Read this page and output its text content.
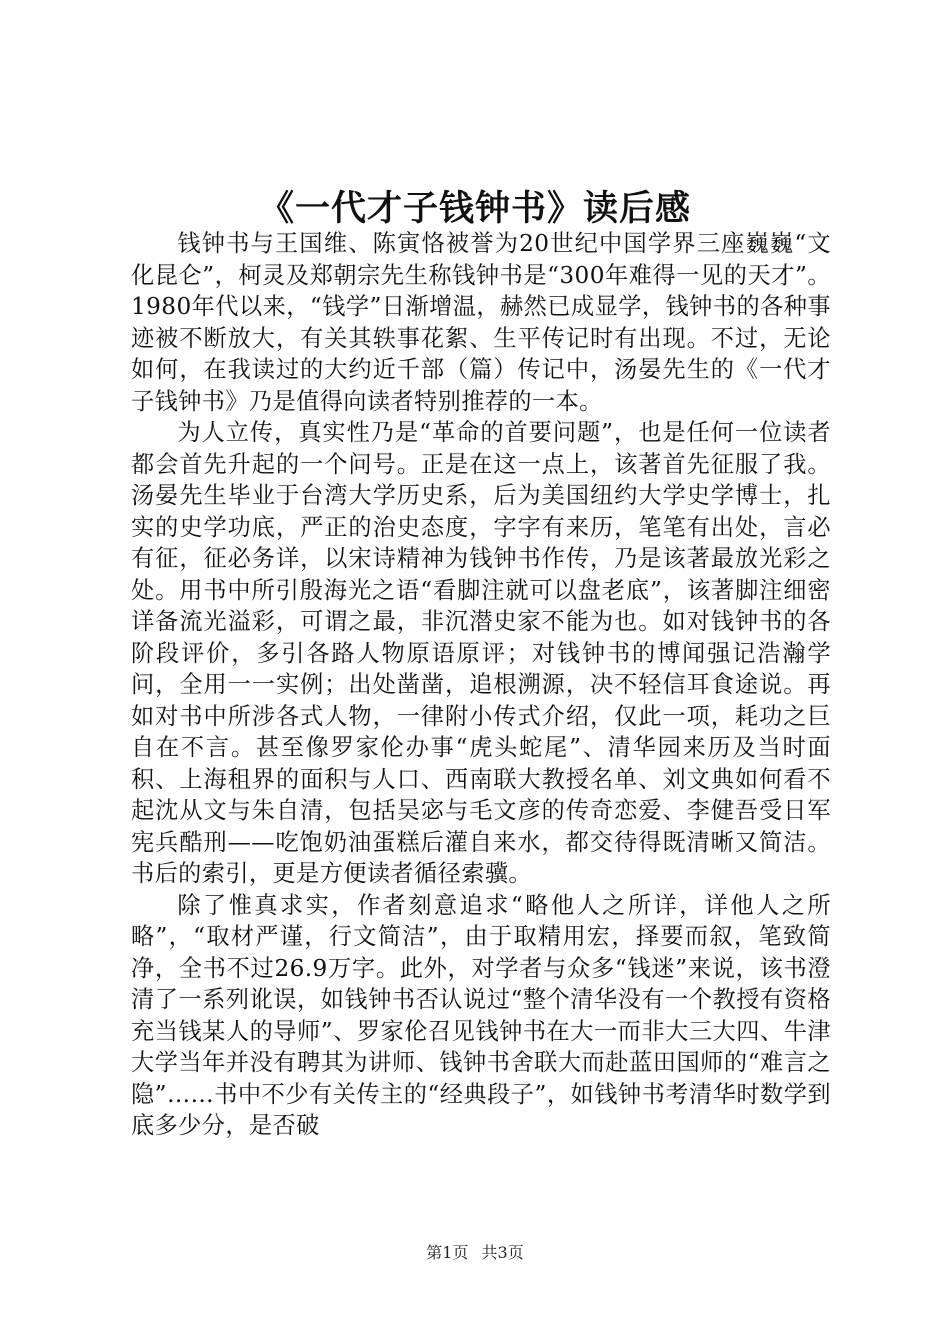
《一代才子钱钟书》读后感

钱钟书与王国维、陈寅恪被誉为20世纪中国学界三座巍巍“文化昆仑”，柯灵及郑朝宗先生称钱钟书是“300年难得一见的天才”。1980年代以来，“钱学”日渐增温，赫然已成显学，钱钟书的各种事迹被不断放大，有关其轶事花絮、生平传记时有出现。不过，无论如何，在我读过的大约近千部（篇）传记中，汤晏先生的《一代才子钱钟书》乃是值得向读者特别推荐的一本。

为人立传，真实性乃是“革命的首要问题”，也是任何一位读者都会首先升起的一个问号。正是在这一点上，该著首先征服了我。汤晏先生毕业于台湾大学历史系，后为美国纽约大学史学博士，扎实的史学功底，严正的治史态度，字字有来历，笔笔有出处，言必有征，征必务详，以宋诗精神为钱钟书作传，乃是该著最放光彩之处。用书中所引殷海光之语“看脚注就可以盘老底”，该著脚注细密详备流光溢彩，可谓之最，非沉潜史家不能为也。如对钱钟书的各阶段评价，多引各路人物原语原评；对钱钟书的博闻强记浩瀚学问，全用一一实例；出处凿凿，追根溯源，决不轻信耳食途说。再如对书中所涉各式人物，一律附小传式介绍，仅此一项，耗功之巨自在不言。甚至像罗家伦办事“虎头蛇尾”、清华园来历及当时面积、上海租界的面积与人口、西南联大教授名单、刘文典如何看不起沈从文与朱自清，包括吴宓与毛文彦的传奇恋爱、李健吾受日军宪兵酷刑——吃饱奶油蛋糕后灌自来水，都交待得既清晰又简洁。书后的索引，更是方便读者循径索骥。

除了惟真求实，作者刻意追求“略他人之所详，详他人之所略”，“取材严谨，行文简洁”，由于取精用宏，择要而叙，笔致简净，全书不过26.9万字。此外，对学者与众多“钱迷”来说，该书澄清了一系列讹误，如钱钟书否认说过“整个清华没有一个教授有资格充当钱某人的导师”、罗家伦召见钱钟书在大一而非大三大四、牛津大学当年并没有聘其为讲师、钱钟书舍联大而赴蓝田国师的“难言之隐”……书中不少有关传主的“经典段子”，如钱钟书考清华时数学到底多少分，是否破

第1页 共3页
